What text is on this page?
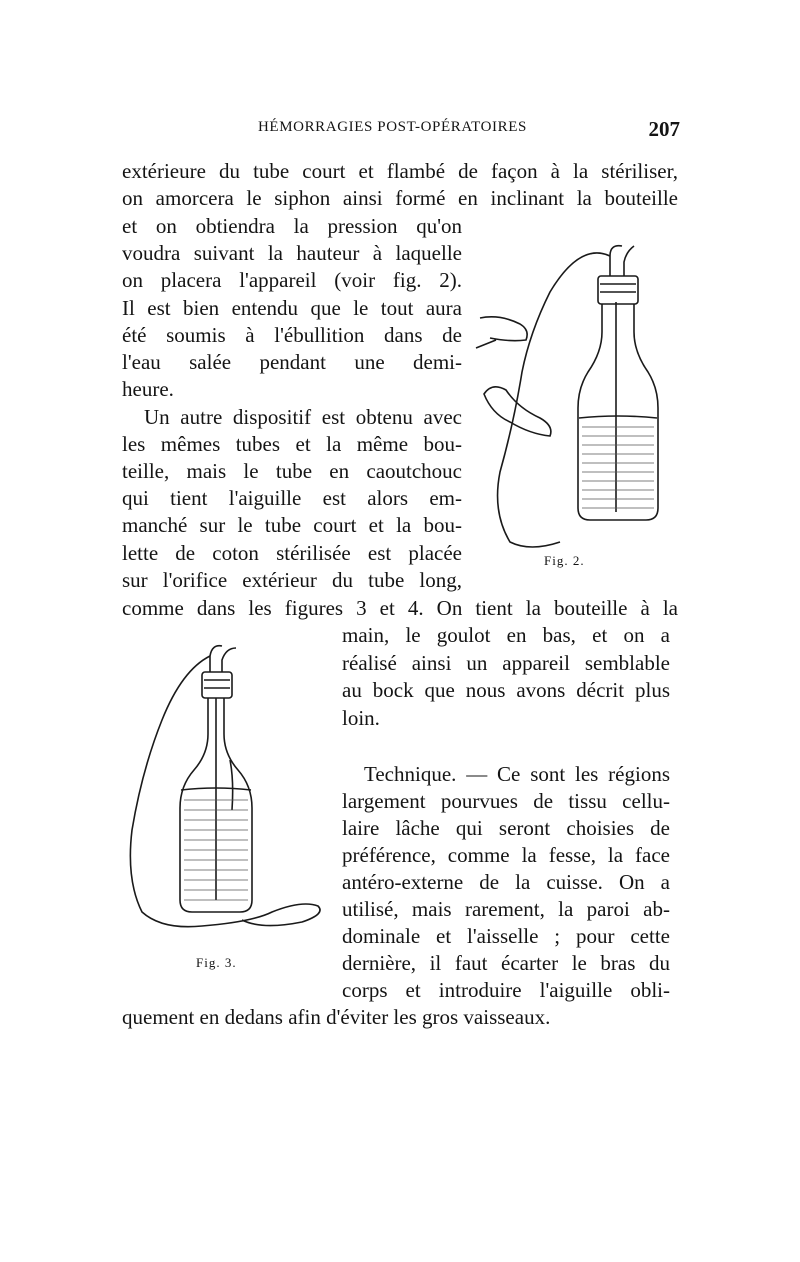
HÉMORRAGIES POST-OPÉRATOIRES	207
extérieure du tube court et flambé de façon à la stériliser,
on amorcera le siphon ainsi formé en inclinant la bouteille
et on obtiendra la pression qu'on
voudra suivant la hauteur à laquelle
on placera l'appareil (voir fig. 2).
Il est bien entendu que le tout aura
été soumis à l'ébullition dans de
l'eau salée pendant une demi-
heure.
Un autre dispositif est obtenu avec
les mêmes tubes et la même bou-
teille, mais le tube en caoutchouc
qui tient l'aiguille est alors em-
manché sur le tube court et la bou-
lette de coton stérilisée est placée
sur l'orifice extérieur du tube long,
comme dans les figures 3 et 4. On tient la bouteille à la
main, le goulot en bas, et on a
réalisé ainsi un appareil semblable
au bock que nous avons décrit plus
loin.
Technique. — Ce sont les régions
largement pourvues de tissu cellu-
laire lâche qui seront choisies de
préférence, comme la fesse, la face
antéro-externe de la cuisse. On a
utilisé, mais rarement, la paroi ab-
dominale et l'aisselle ; pour cette
dernière, il faut écarter le bras du
corps et introduire l'aiguille obli-
quement en dedans afin d'éviter les gros vaisseaux.
Fig. 2.
Fig. 3.
